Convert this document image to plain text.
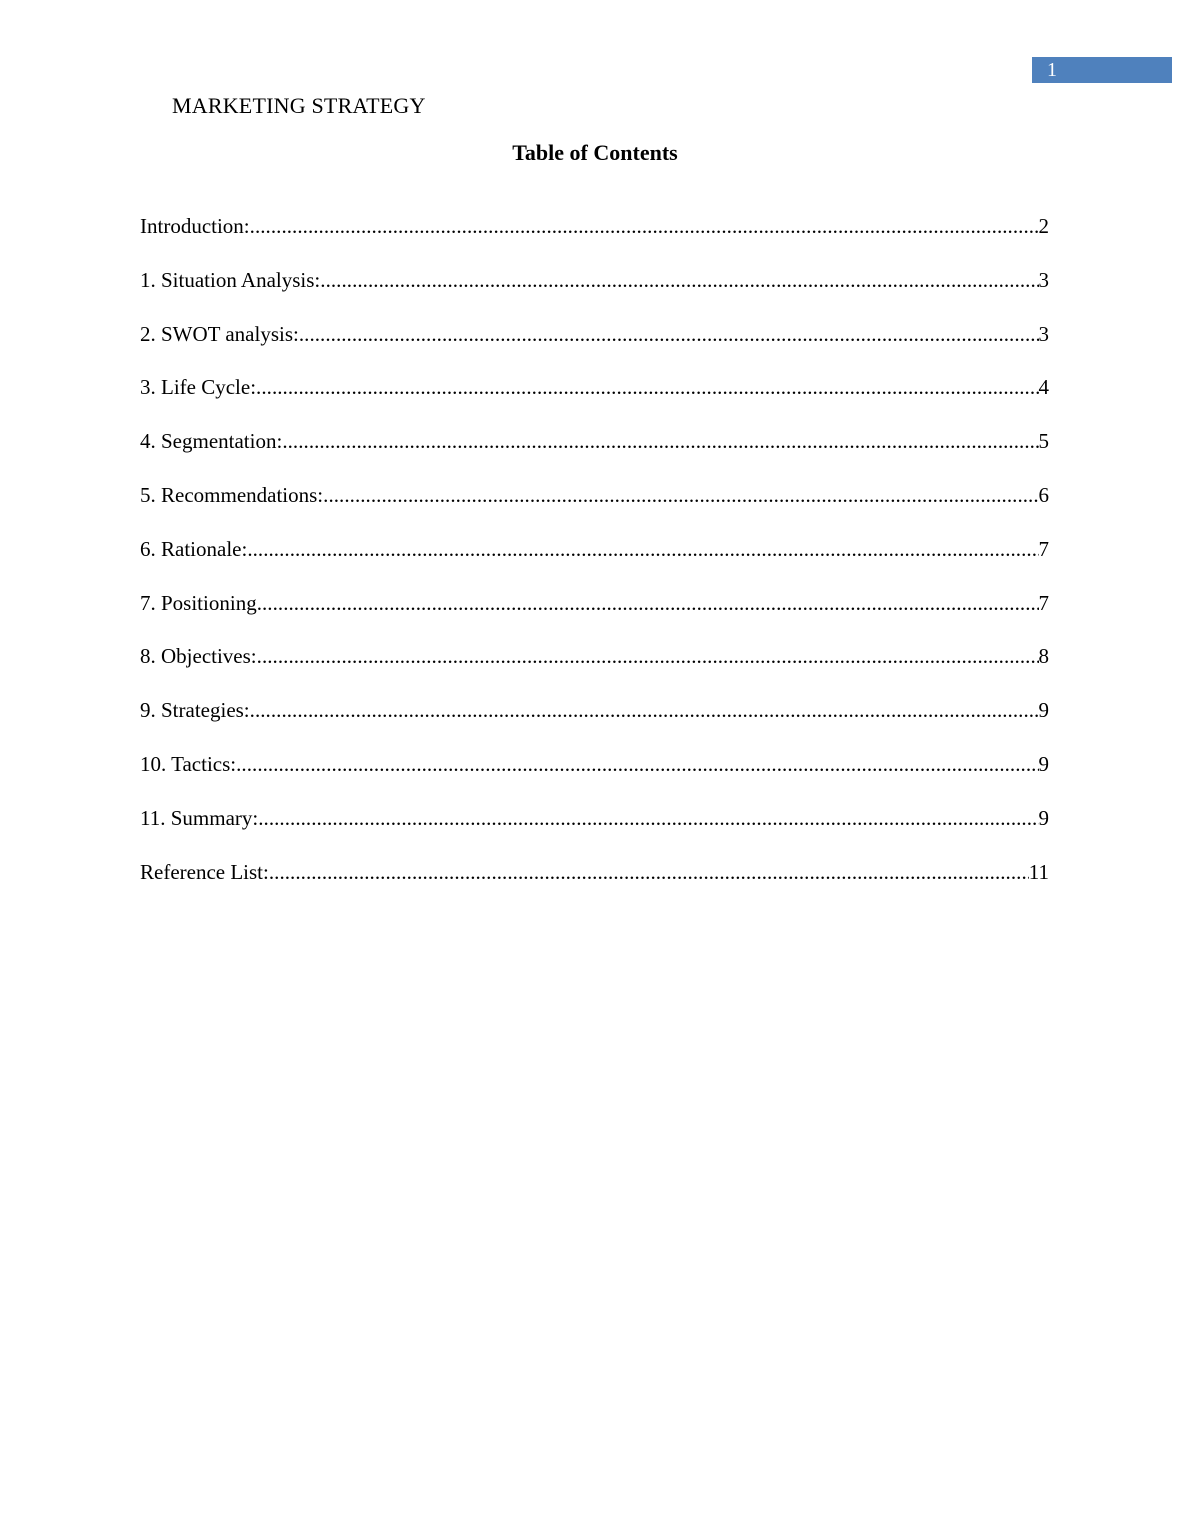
1
MARKETING STRATEGY
Table of Contents
Introduction: .....	2
1. Situation Analysis: .....	3
2. SWOT analysis: .....	3
3. Life Cycle: .....	4
4. Segmentation: .....	5
5. Recommendations: .....	6
6. Rationale: .....	7
7. Positioning .....	7
8. Objectives: .....	8
9. Strategies: .....	9
10. Tactics: .....	9
11. Summary: .....	9
Reference List: .....	11
